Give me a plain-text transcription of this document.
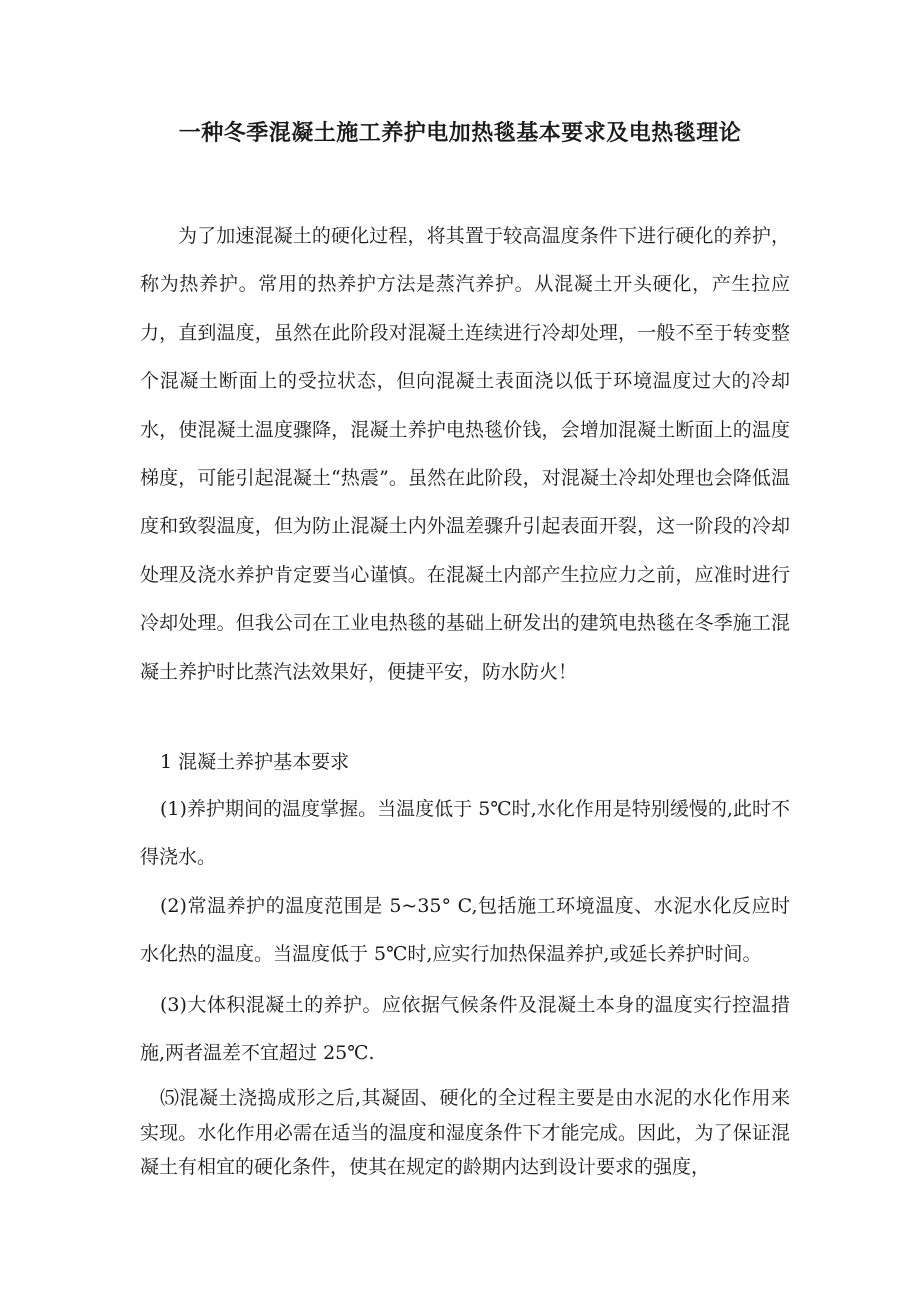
一种冬季混凝土施工养护电加热毯基本要求及电热毯理论

为了加速混凝土的硬化过程，将其置于较高温度条件下进行硬化的养护，称为热养护。常用的热养护方法是蒸汽养护。从混凝土开头硬化，产生拉应力，直到温度，虽然在此阶段对混凝土连续进行冷却处理，一般不至于转变整个混凝土断面上的受拉状态，但向混凝土表面浇以低于环境温度过大的冷却水，使混凝土温度骤降，混凝土养护电热毯价钱，会增加混凝土断面上的温度梯度，可能引起混凝土“热震”。虽然在此阶段，对混凝土冷却处理也会降低温度和致裂温度，但为防止混凝土内外温差骤升引起表面开裂，这一阶段的冷却处理及浇水养护肯定要当心谨慎。在混凝土内部产生拉应力之前，应准时进行冷却处理。但我公司在工业电热毯的基础上研发出的建筑电热毯在冬季施工混凝土养护时比蒸汽法效果好，便捷平安，防水防火！

1 混凝土养护基本要求

(1)养护期间的温度掌握。当温度低于 5℃时,水化作用是特别缓慢的,此时不得浇水。

(2)常温养护的温度范围是 5~35° C,包括施工环境温度、水泥水化反应时水化热的温度。当温度低于 5℃时,应实行加热保温养护,或延长养护时间。

(3)大体积混凝土的养护。应依据气候条件及混凝土本身的温度实行控温措施,两者温差不宜超过 25℃.

⑸混凝土浇捣成形之后,其凝固、硬化的全过程主要是由水泥的水化作用来实现。水化作用必需在适当的温度和湿度条件下才能完成。因此，为了保证混凝土有相宜的硬化条件，使其在规定的龄期内达到设计要求的强度，
